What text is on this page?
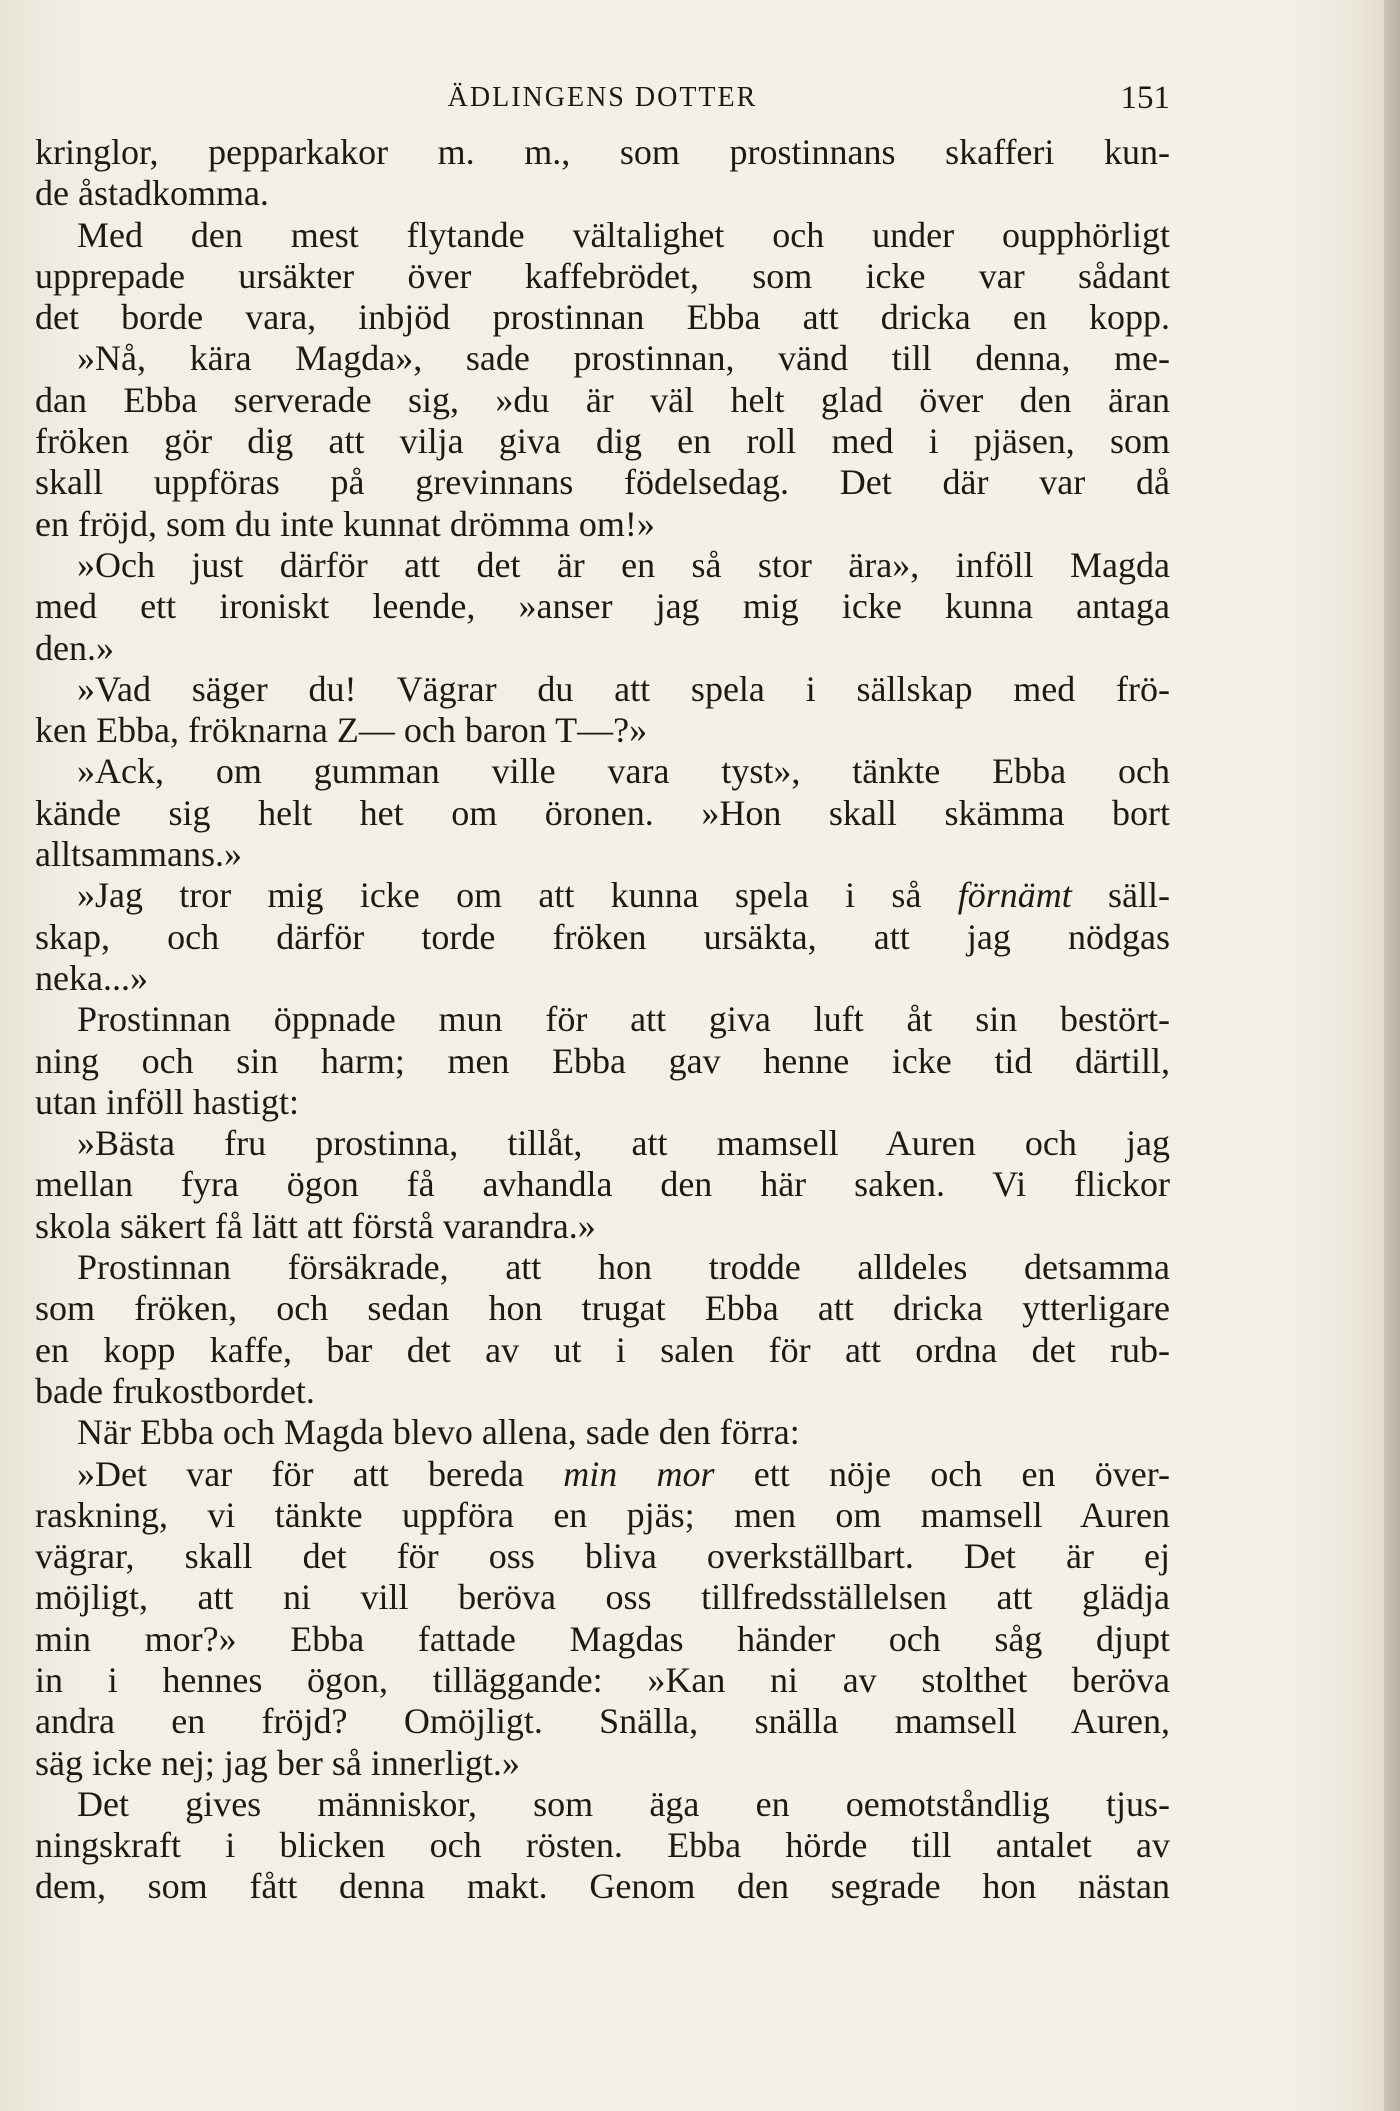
ÄDLINGENS DOTTER	151
kringlor, pepparkakor m. m., som prostinnans skafferi kun-
de åstadkomma.
Med den mest flytande vältalighet och under oupphörligt
upprepade ursäkter över kaffebrödet, som icke var sådant
det borde vara, inbjöd prostinnan Ebba att dricka en kopp.
»Nå, kära Magda», sade prostinnan, vänd till denna, me-
dan Ebba serverade sig, »du är väl helt glad över den äran
fröken gör dig att vilja giva dig en roll med i pjäsen, som
skall uppföras på grevinnans födelsedag. Det där var då
en fröjd, som du inte kunnat drömma om!»
»Och just därför att det är en så stor ära», inföll Magda
med ett ironiskt leende, »anser jag mig icke kunna antaga
den.»
»Vad säger du! Vägrar du att spela i sällskap med frö-
ken Ebba, fröknarna Z— och baron T—?»
»Ack, om gumman ville vara tyst», tänkte Ebba och
kände sig helt het om öronen. »Hon skall skämma bort
alltsammans.»
»Jag tror mig icke om att kunna spela i så förnämt säll-
skap, och därför torde fröken ursäkta, att jag nödgas
neka...»
Prostinnan öppnade mun för att giva luft åt sin bestört-
ning och sin harm; men Ebba gav henne icke tid därtill,
utan inföll hastigt:
»Bästa fru prostinna, tillåt, att mamsell Auren och jag
mellan fyra ögon få avhandla den här saken. Vi flickor
skola säkert få lätt att förstå varandra.»
Prostinnan försäkrade, att hon trodde alldeles detsamma
som fröken, och sedan hon trugat Ebba att dricka ytterligare
en kopp kaffe, bar det av ut i salen för att ordna det rub-
bade frukostbordet.
När Ebba och Magda blevo allena, sade den förra:
»Det var för att bereda min mor ett nöje och en över-
raskning, vi tänkte uppföra en pjäs; men om mamsell Auren
vägrar, skall det för oss bliva overkställbart. Det är ej
möjligt, att ni vill beröva oss tillfredsställelsen att glädja
min mor?» Ebba fattade Magdas händer och såg djupt
in i hennes ögon, tilläggande: »Kan ni av stolthet beröva
andra en fröjd? Omöjligt. Snälla, snälla mamsell Auren,
säg icke nej; jag ber så innerligt.»
Det gives människor, som äga en oemotståndlig tjus-
ningskraft i blicken och rösten. Ebba hörde till antalet av
dem, som fått denna makt. Genom den segrade hon nästan
